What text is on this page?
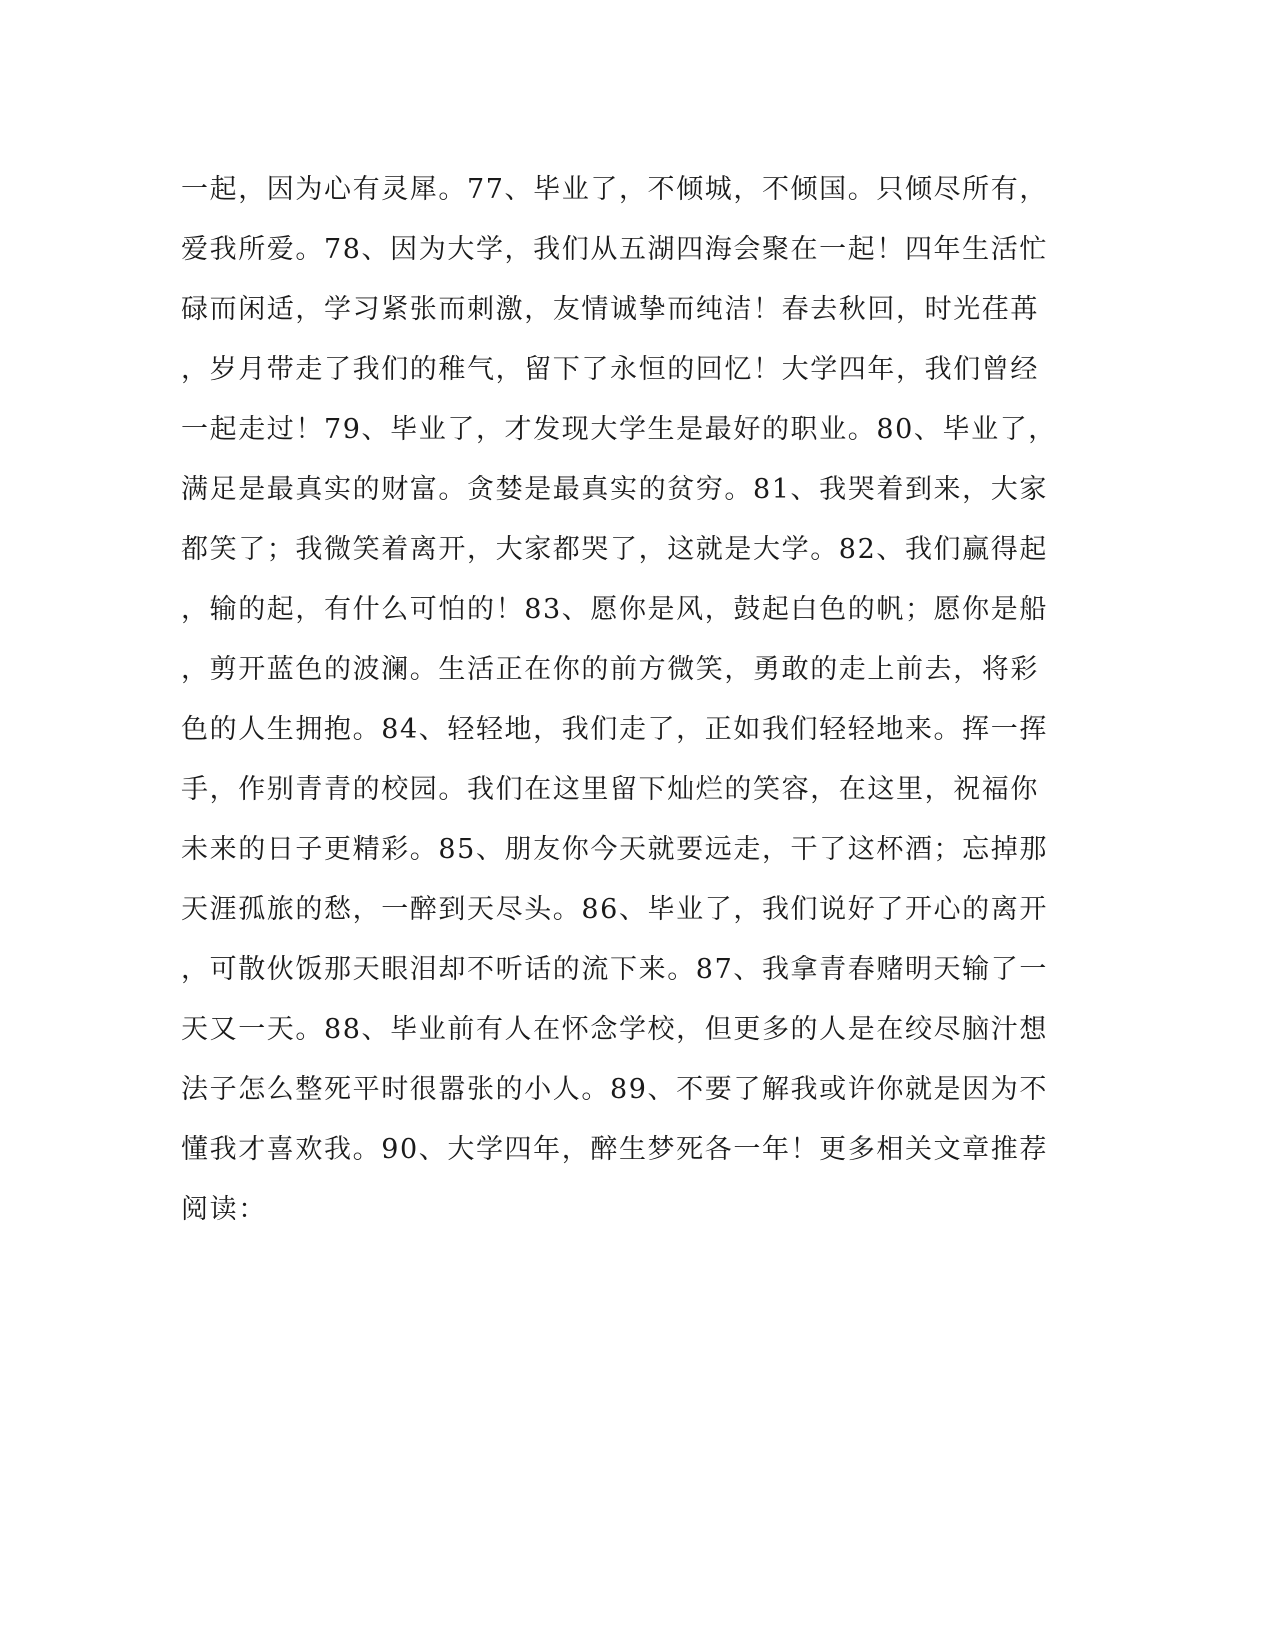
一起，因为心有灵犀。77、毕业了，不倾城，不倾国。只倾尽所有，
爱我所爱。78、因为大学，我们从五湖四海会聚在一起！四年生活忙
碌而闲适，学习紧张而刺激，友情诚挚而纯洁！春去秋回，时光荏苒
，岁月带走了我们的稚气，留下了永恒的回忆！大学四年，我们曾经
一起走过！79、毕业了，才发现大学生是最好的职业。80、毕业了，
满足是最真实的财富。贪婪是最真实的贫穷。81、我哭着到来，大家
都笑了；我微笑着离开，大家都哭了，这就是大学。82、我们赢得起
，输的起，有什么可怕的！83、愿你是风，鼓起白色的帆；愿你是船
，剪开蓝色的波澜。生活正在你的前方微笑，勇敢的走上前去，将彩
色的人生拥抱。84、轻轻地，我们走了，正如我们轻轻地来。挥一挥
手，作别青青的校园。我们在这里留下灿烂的笑容，在这里，祝福你
未来的日子更精彩。85、朋友你今天就要远走，干了这杯酒；忘掉那
天涯孤旅的愁，一醉到天尽头。86、毕业了，我们说好了开心的离开
，可散伙饭那天眼泪却不听话的流下来。87、我拿青春赌明天输了一
天又一天。88、毕业前有人在怀念学校，但更多的人是在绞尽脑汁想
法子怎么整死平时很嚣张的小人。89、不要了解我或许你就是因为不
懂我才喜欢我。90、大学四年，醉生梦死各一年！更多相关文章推荐
阅读：
